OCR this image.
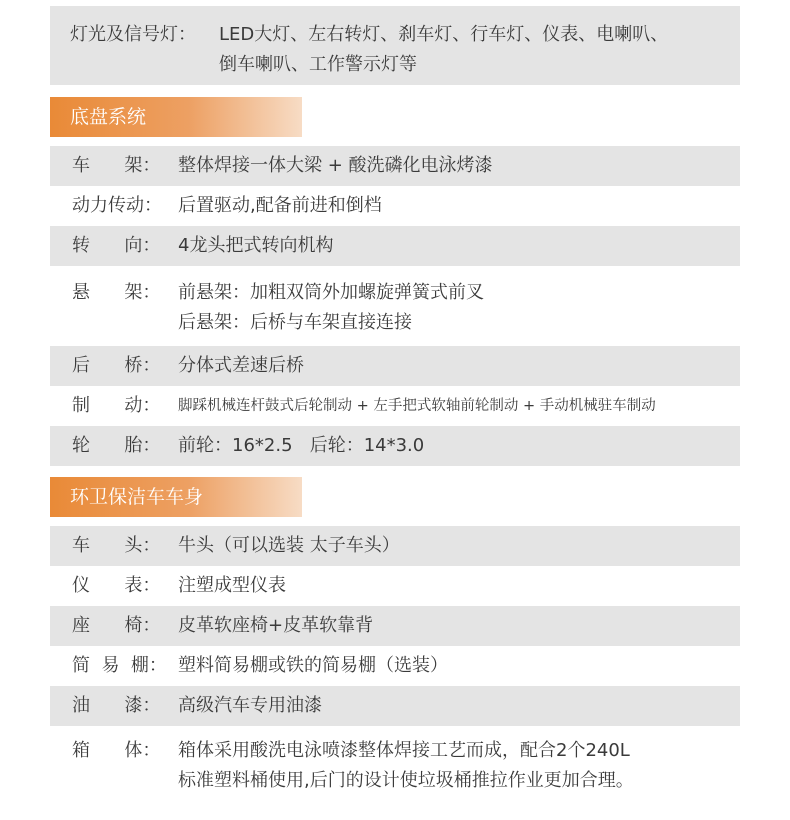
灯光及信号灯：	LED大灯、左右转灯、刹车灯、行车灯、仪表、电喇叭、
倒车喇叭、工作警示灯等
底盘系统
车      架： 整体焊接一体大梁 + 酸洗磷化电泳烤漆
动力传动： 后置驱动,配备前进和倒档
转      向： 4龙头把式转向机构
悬      架： 前悬架：加粗双筒外加螺旋弹簧式前叉
后悬架：后桥与车架直接连接
后      桥： 分体式差速后桥
制      动：	脚踩机械连杆鼓式后轮制动 + 左手把式软轴前轮制动 + 手动机械驻车制动
轮      胎： 前轮：16*2.5   后轮：14*3.0
环卫保洁车车身
车      头： 牛头（可以选装 太子车头）
仪      表： 注塑成型仪表
座      椅： 皮革软座椅+皮革软靠背
简  易  棚： 塑料简易棚或铁的简易棚（选装）
油      漆： 高级汽车专用油漆
箱      体： 箱体采用酸洗电泳喷漆整体焊接工艺而成，配合2个240L
标准塑料桶使用,后门的设计使垃圾桶推拉作业更加合理。
